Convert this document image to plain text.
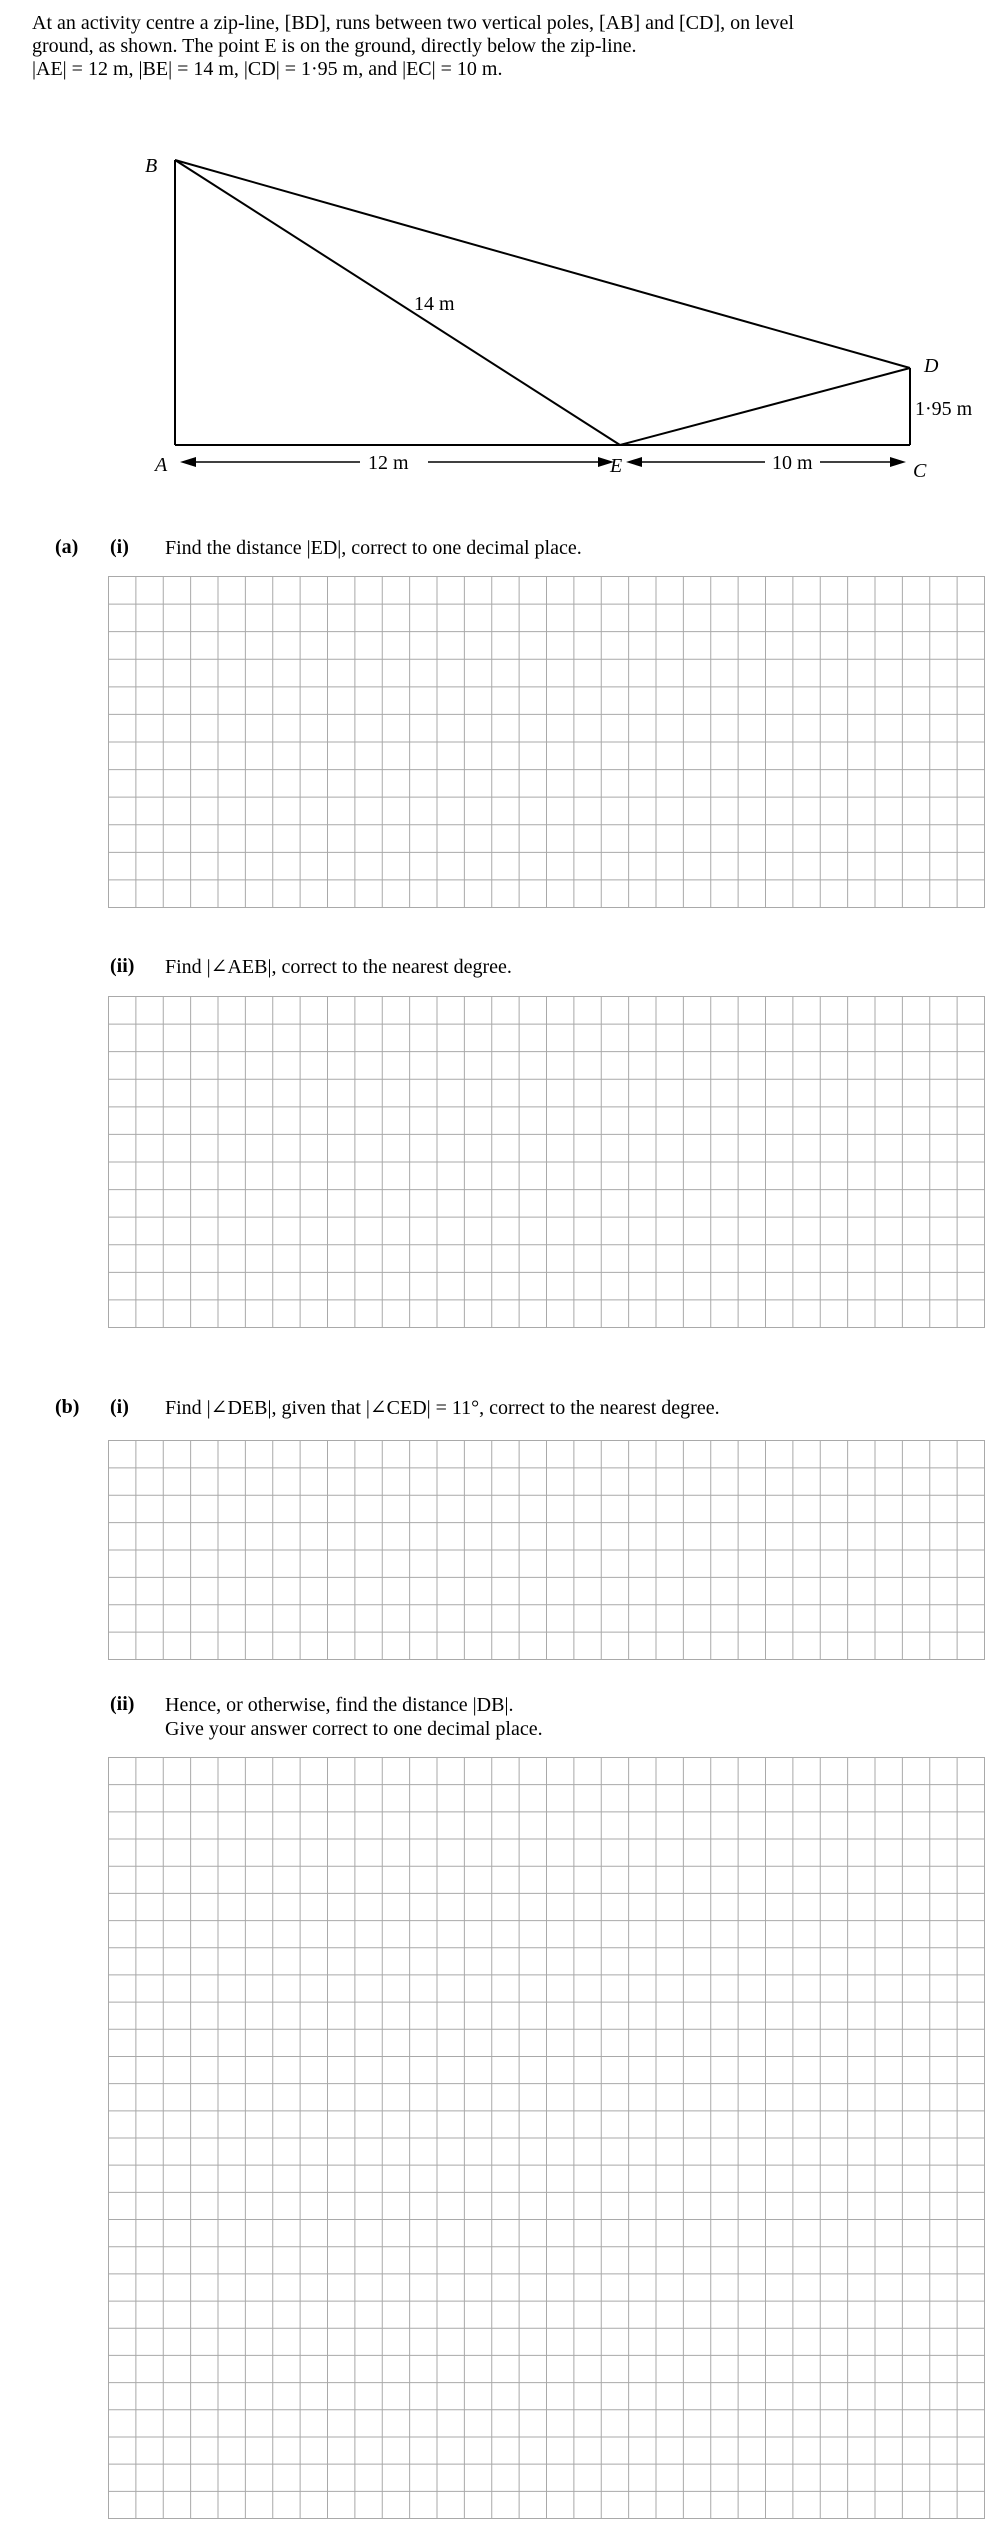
At an activity centre a zip-line, [BD], runs between two vertical poles, [AB] and [CD], on level

ground, as shown. The point E is on the ground, directly below the zip-line.

|AE| = 12 m, |BE| = 14 m, |CD| = 1·95 m, and |EC| = 10 m.

B
A	E	C
D
14 m
12 m	10 m
1·95 m
(a) (i) Find the distance |ED|, correct to one decimal place.
(ii) Find |∠AEB|, correct to the nearest degree.
(b) (i) Find |∠DEB|, given that |∠CED| = 11°, correct to the nearest degree.
(ii) Hence, or otherwise, find the distance |DB|.
Give your answer correct to one decimal place.
